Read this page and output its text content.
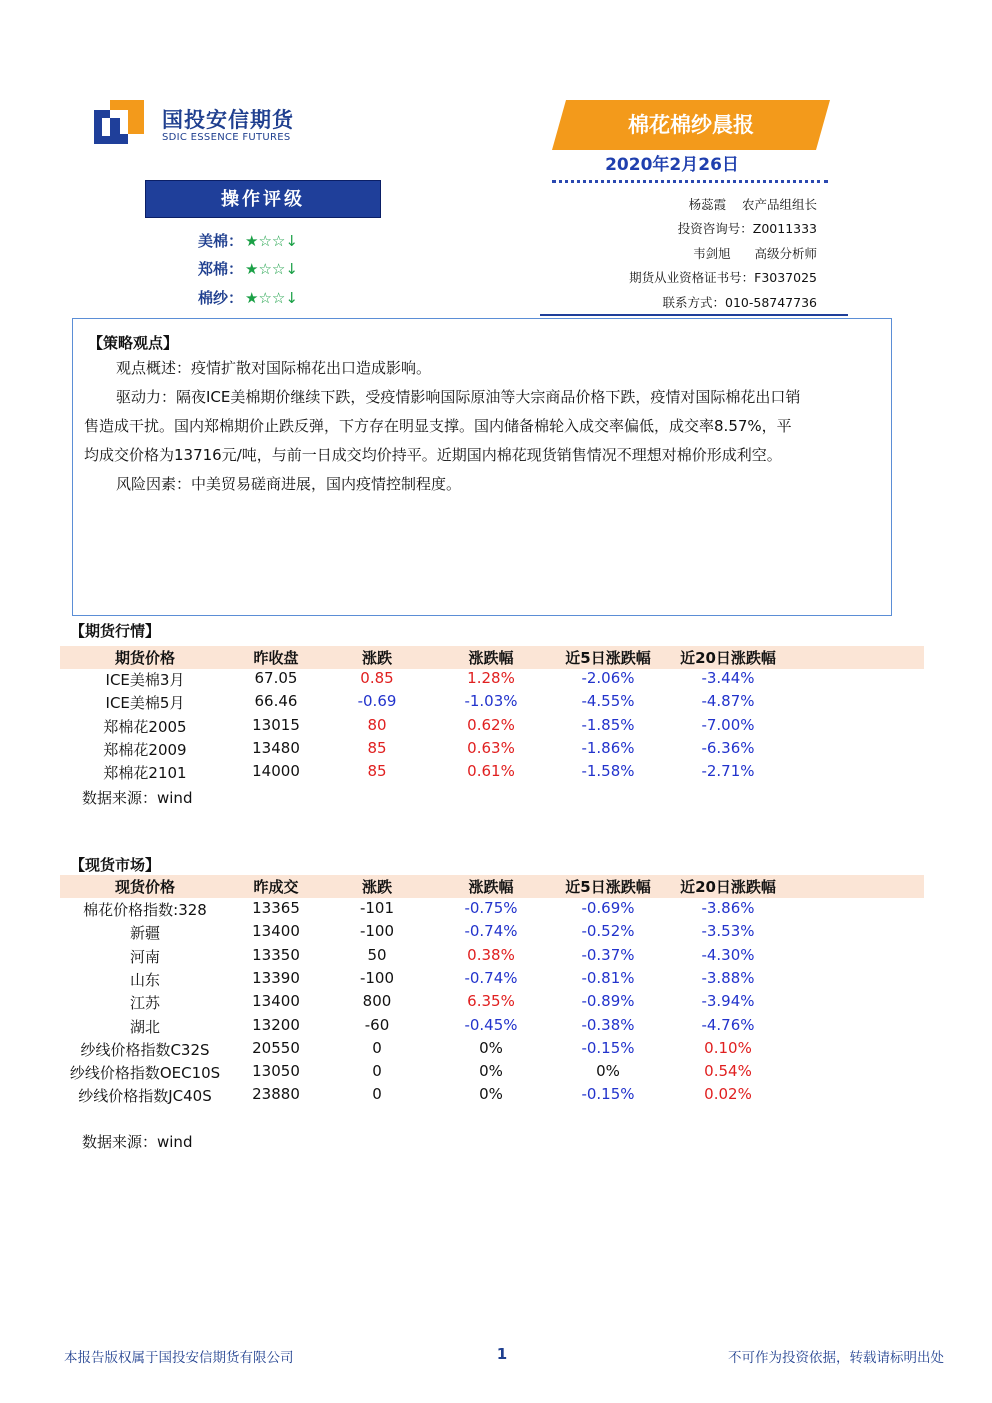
国投安信期货
SDIC ESSENCE FUTURES
棉花棉纱晨报
2020年2月26日
操作评级
美棉： ★☆☆↓
郑棉： ★☆☆↓
棉纱： ★☆☆↓
杨蕊霞    农产品组组长
投资咨询号：Z0011333
韦剑旭      高级分析师
期货从业资格证书号：F3037025
联系方式：010-58747736
【策略观点】
观点概述：疫情扩散对国际棉花出口造成影响。
驱动力：隔夜ICE美棉期价继续下跌，受疫情影响国际原油等大宗商品价格下跌，疫情对国际棉花出口销
售造成干扰。国内郑棉期价止跌反弹，下方存在明显支撑。国内储备棉轮入成交率偏低，成交率8.57%，平
均成交价格为13716元/吨，与前一日成交均价持平。近期国内棉花现货销售情况不理想对棉价形成利空。
风险因素：中美贸易磋商进展，国内疫情控制程度。
【期货行情】
期货价格	昨收盘	涨跌	涨跌幅	近5日涨跌幅	近20日涨跌幅
ICE美棉3月	67.05	0.85	1.28%	-2.06%	-3.44%
ICE美棉5月	66.46	-0.69	-1.03%	-4.55%	-4.87%
郑棉花2005	13015	80	0.62%	-1.85%	-7.00%
郑棉花2009	13480	85	0.63%	-1.86%	-6.36%
郑棉花2101	14000	85	0.61%	-1.58%	-2.71%
数据来源：wind
【现货市场】
现货价格	昨成交	涨跌	涨跌幅	近5日涨跌幅	近20日涨跌幅
棉花价格指数:328	13365	-101	-0.75%	-0.69%	-3.86%
新疆	13400	-100	-0.74%	-0.52%	-3.53%
河南	13350	50	0.38%	-0.37%	-4.30%
山东	13390	-100	-0.74%	-0.81%	-3.88%
江苏	13400	800	6.35%	-0.89%	-3.94%
湖北	13200	-60	-0.45%	-0.38%	-4.76%
纱线价格指数C32S	20550	0	0%	-0.15%	0.10%
纱线价格指数OEC10S	13050	0	0%	0%	0.54%
纱线价格指数JC40S	23880	0	0%	-0.15%	0.02%
数据来源：wind
本报告版权属于国投安信期货有限公司	1	不可作为投资依据，转载请标明出处
